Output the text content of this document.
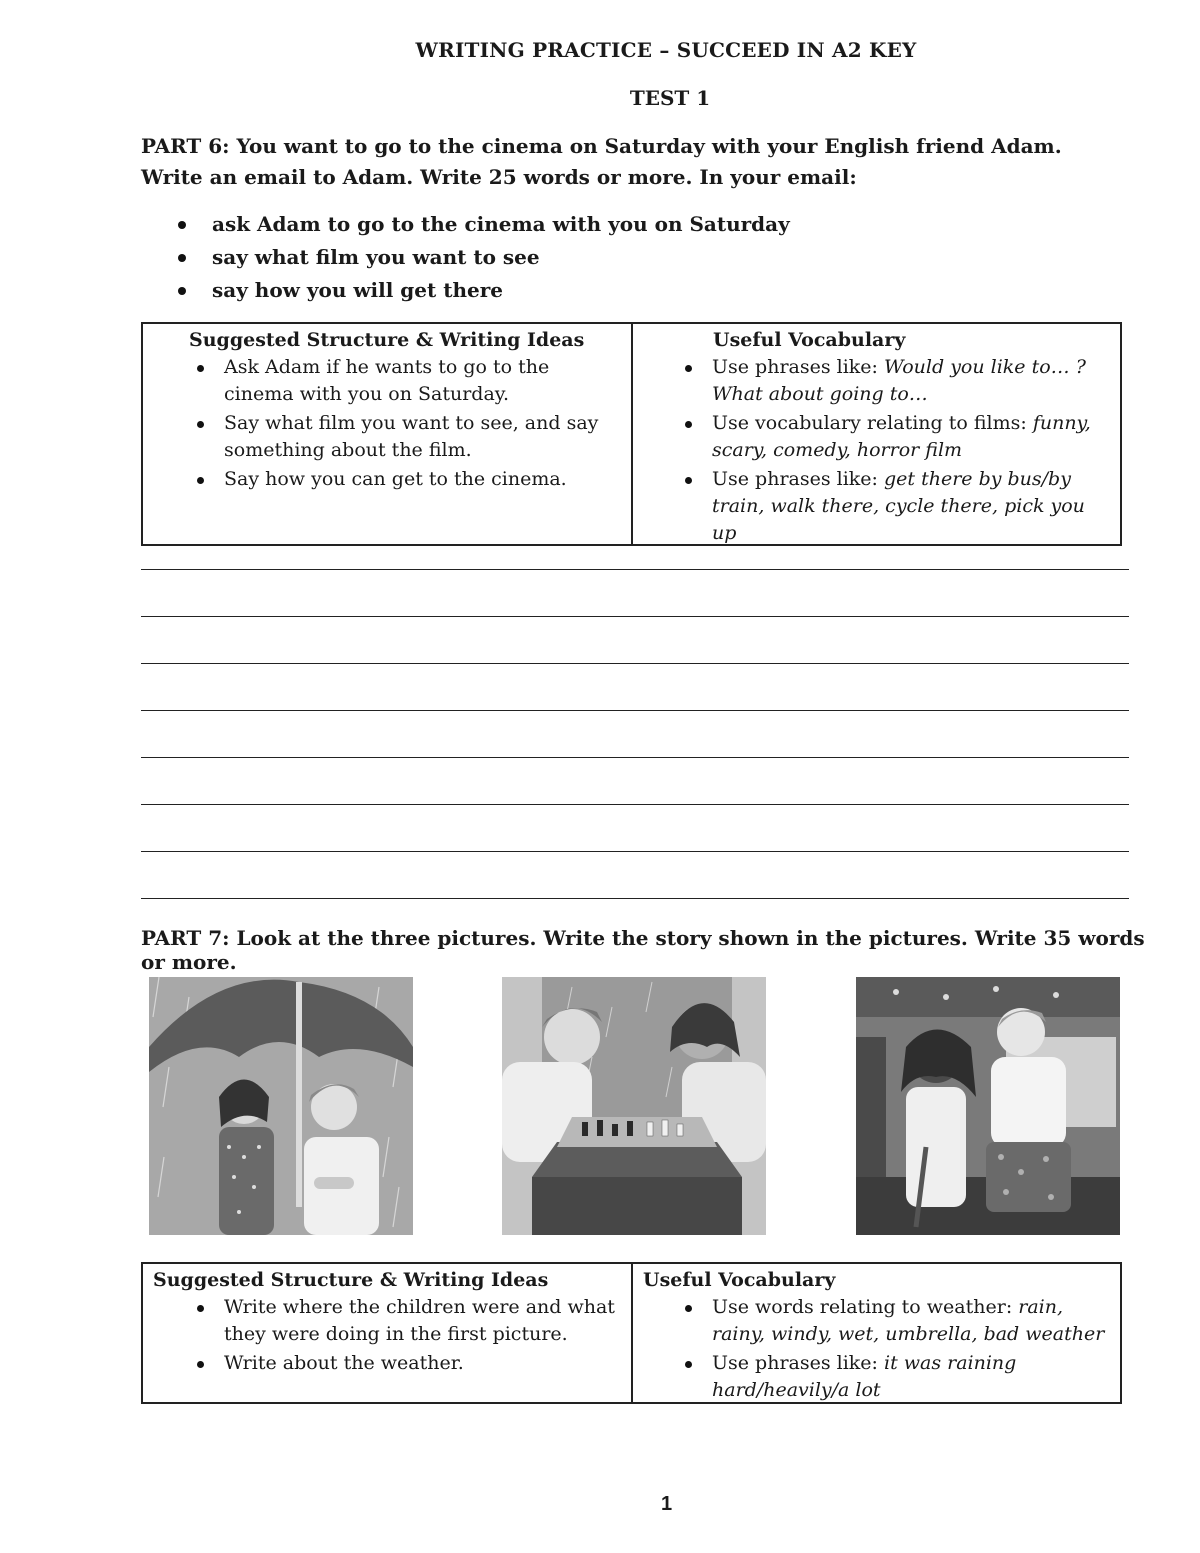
WRITING PRACTICE – SUCCEED IN A2 KEY
TEST 1
PART 6: You want to go to the cinema on Saturday with your English friend Adam.
Write an email to Adam. Write 25 words or more. In your email:
ask Adam to go to the cinema with you on Saturday
say what film you want to see
say how you will get there
Suggested Structure & Writing Ideas
Ask Adam if he wants to go to the cinema with you on Saturday.
Say what film you want to see, and say something about the film.
Say how you can get to the cinema.
Useful Vocabulary
Use phrases like: Would you like to… ? What about going to…
Use vocabulary relating to films: funny, scary, comedy, horror film
Use phrases like: get there by bus/by train, walk there, cycle there, pick you up
PART 7: Look at the three pictures. Write the story shown in the pictures. Write 35 words or more.
Suggested Structure & Writing Ideas
Write where the children were and what they were doing in the first picture.
Write about the weather.
Useful Vocabulary
Use words relating to weather: rain, rainy, windy, wet, umbrella, bad weather
Use phrases like: it was raining hard/heavily/a lot
1
